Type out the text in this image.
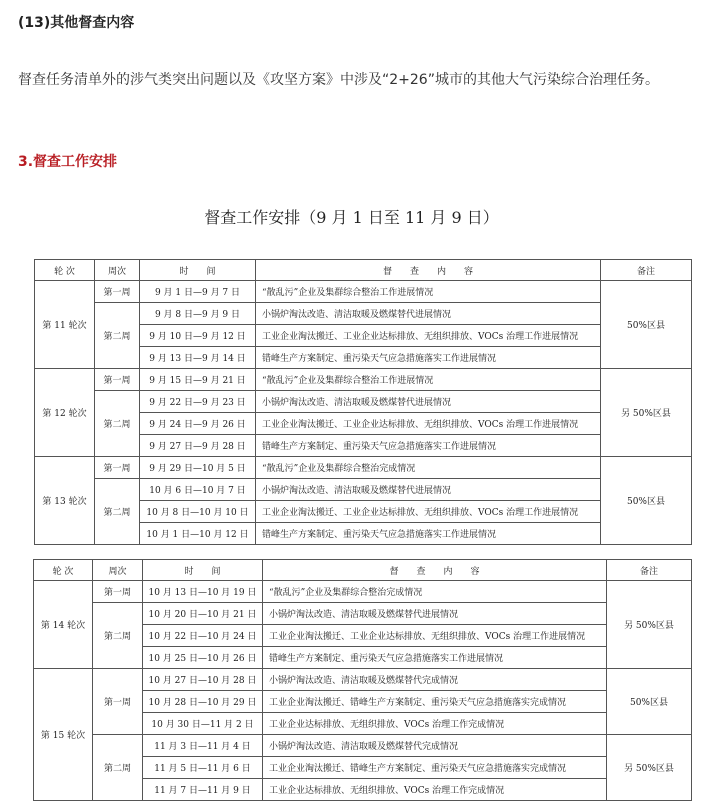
(13)其他督查内容
督查任务清单外的涉气类突出问题以及《攻坚方案》中涉及“2+26”城市的其他大气污染综合治理任务。
3.督查工作安排
督查工作安排（9 月 1 日至 11 月 9 日）
轮 次	周次	时　　间	督　　查　　内　　容	备注
第 11 轮次	第一周	9 月 1 日—9 月 7 日	“散乱污”企业及集群综合整治工作进展情况	50%区县
	第二周	9 月 8 日—9 月 9 日	小锅炉淘汰改造、清洁取暖及燃煤替代进展情况	
		9 月 10 日—9 月 12 日	工业企业淘汰搬迁、工业企业达标排放、无组织排放、VOCs 治理工作进展情况	
		9 月 13 日—9 月 14 日	错峰生产方案制定、重污染天气应急措施落实工作进展情况	
第 12 轮次	第一周	9 月 15 日—9 月 21 日	“散乱污”企业及集群综合整治工作进展情况	另 50%区县
	第二周	9 月 22 日—9 月 23 日	小锅炉淘汰改造、清洁取暖及燃煤替代进展情况	
		9 月 24 日—9 月 26 日	工业企业淘汰搬迁、工业企业达标排放、无组织排放、VOCs 治理工作进展情况	
		9 月 27 日—9 月 28 日	错峰生产方案制定、重污染天气应急措施落实工作进展情况	
第 13 轮次	第一周	9 月 29 日—10 月 5 日	“散乱污”企业及集群综合整治完成情况	50%区县
	第二周	10 月 6 日—10 月 7 日	小锅炉淘汰改造、清洁取暖及燃煤替代进展情况	
		10 月 8 日—10 月 10 日	工业企业淘汰搬迁、工业企业达标排放、无组织排放、VOCs 治理工作进展情况	
		10 月 1 日—10 月 12 日	错峰生产方案制定、重污染天气应急措施落实工作进展情况	
轮 次	周次	时　　间	督　　查　　内　　容	备注
第 14 轮次	第一周	10 月 13 日—10 月 19 日	“散乱污”企业及集群综合整治完成情况	另 50%区县
	第二周	10 月 20 日—10 月 21 日	小锅炉淘汰改造、清洁取暖及燃煤替代进展情况	
		10 月 22 日—10 月 24 日	工业企业淘汰搬迁、工业企业达标排放、无组织排放、VOCs 治理工作进展情况	
		10 月 25 日—10 月 26 日	错峰生产方案制定、重污染天气应急措施落实工作进展情况	
第 15 轮次	第一周	10 月 27 日—10 月 28 日	小锅炉淘汰改造、清洁取暖及燃煤替代完成情况	50%区县
		10 月 28 日—10 月 29 日	工业企业淘汰搬迁、错峰生产方案制定、重污染天气应急措施落实完成情况	
		10 月 30 日—11 月 2 日	工业企业达标排放、无组织排放、VOCs 治理工作完成情况	
	第二周	11 月 3 日—11 月 4 日	小锅炉淘汰改造、清洁取暖及燃煤替代完成情况	另 50%区县
		11 月 5 日—11 月 6 日	工业企业淘汰搬迁、错峰生产方案制定、重污染天气应急措施落实完成情况	
		11 月 7 日—11 月 9 日	工业企业达标排放、无组织排放、VOCs 治理工作完成情况	
